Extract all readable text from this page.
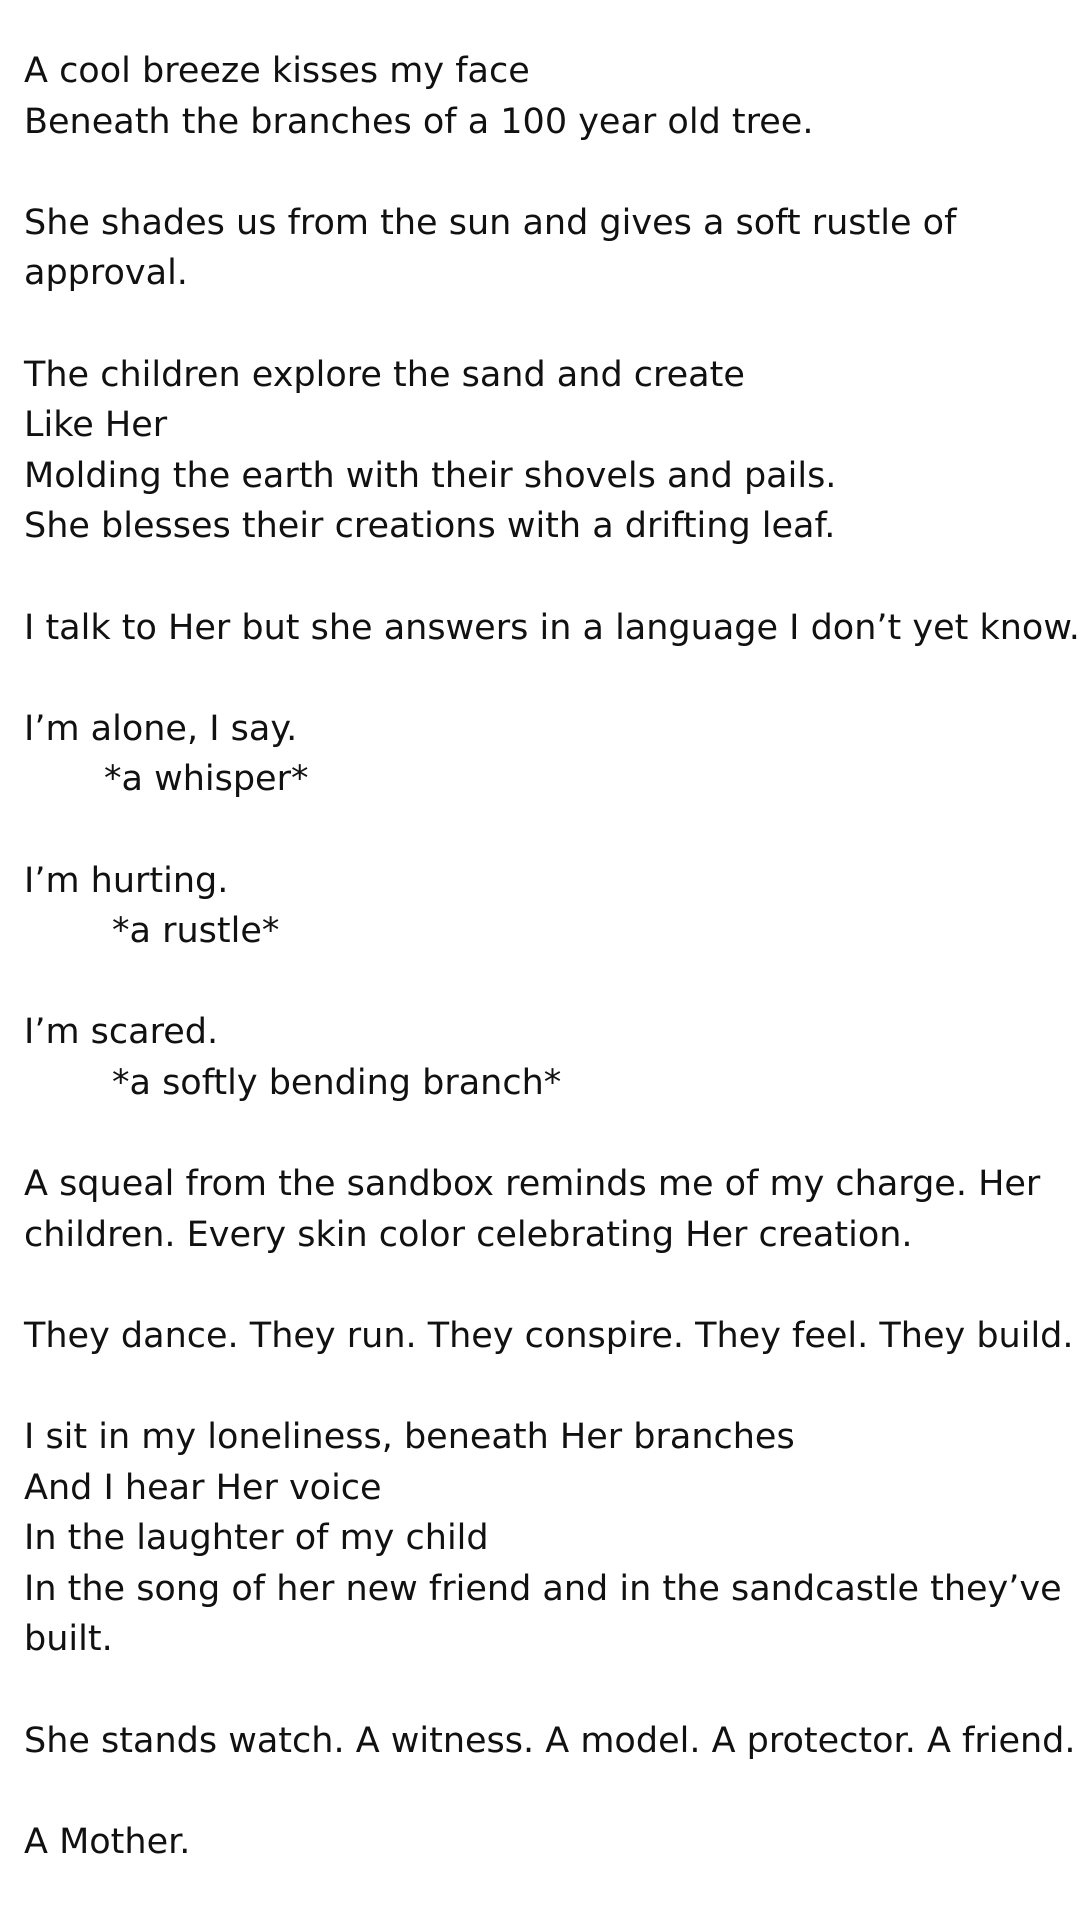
A cool breeze kisses my face
Beneath the branches of a 100 year old tree.
She shades us from the sun and gives a soft rustle of
approval.
The children explore the sand and create
Like Her
Molding the earth with their shovels and pails.
She blesses their creations with a drifting leaf.
I talk to Her but she answers in a language I don’t yet know.
I’m alone, I say.
*a whisper*
I’m hurting.
*a rustle*
I’m scared.
*a softly bending branch*
A squeal from the sandbox reminds me of my charge. Her
children. Every skin color celebrating Her creation.
They dance. They run. They conspire. They feel. They build.
I sit in my loneliness, beneath Her branches
And I hear Her voice
In the laughter of my child
In the song of her new friend and in the sandcastle they’ve
built.
She stands watch. A witness. A model. A protector. A friend.
A Mother.
